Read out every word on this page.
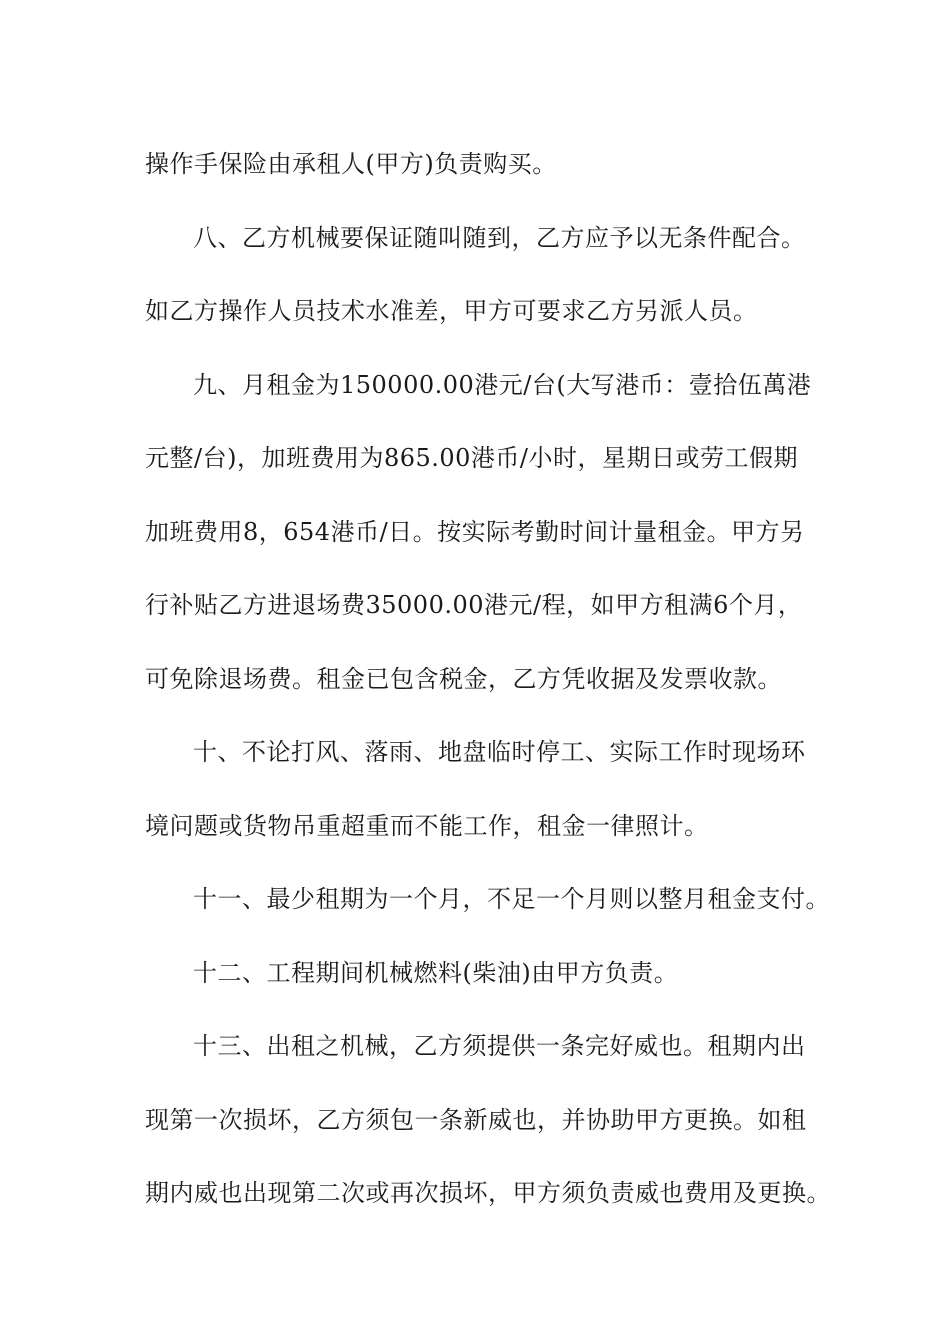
操作手保险由承租人(甲方)负责购买。
八、乙方机械要保证随叫随到，乙方应予以无条件配合。
如乙方操作人员技术水准差，甲方可要求乙方另派人员。
九、月租金为150000.00港元/台(大写港币：壹拾伍萬港
元整/台)，加班费用为865.00港币/小时，星期日或劳工假期
加班费用8，654港币/日。按实际考勤时间计量租金。甲方另
行补贴乙方进退场费35000.00港元/程，如甲方租满6个月，
可免除退场费。租金已包含税金，乙方凭收据及发票收款。
十、不论打风、落雨、地盘临时停工、实际工作时现场环
境问题或货物吊重超重而不能工作，租金一律照计。
十一、最少租期为一个月，不足一个月则以整月租金支付。
十二、工程期间机械燃料(柴油)由甲方负责。
十三、出租之机械，乙方须提供一条完好威也。租期内出
现第一次损坏，乙方须包一条新威也，并协助甲方更换。如租
期内威也出现第二次或再次损坏，甲方须负责威也费用及更换。
